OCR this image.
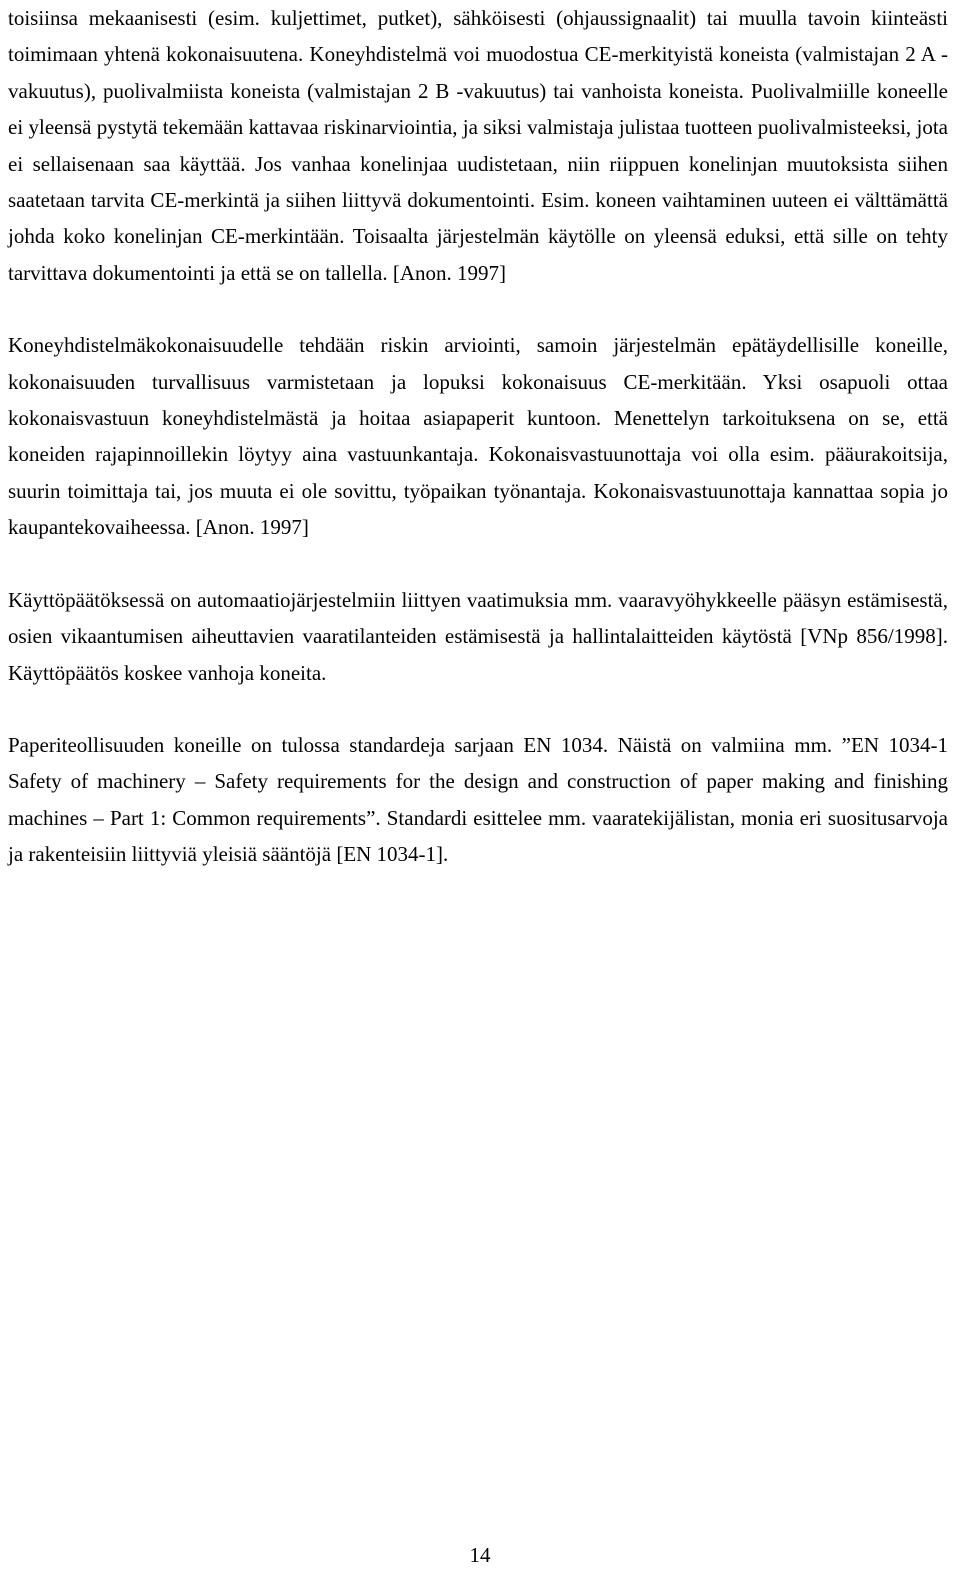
toisiinsa mekaanisesti (esim. kuljettimet, putket), sähköisesti (ohjaussignaalit) tai muulla tavoin kiinteästi toimimaan yhtenä kokonaisuutena. Koneyhdistelmä voi muodostua CE-merkityistä koneista (valmistajan 2 A -vakuutus), puolivalmiista koneista (valmistajan 2 B -vakuutus) tai vanhoista koneista. Puolivalmiille koneelle ei yleensä pystytä tekemään kattavaa riskinarviointia, ja siksi valmistaja julistaa tuotteen puolivalmisteeksi, jota ei sellaisenaan saa käyttää. Jos vanhaa konelinjaa uudistetaan, niin riippuen konelinjan muutoksista siihen saatetaan tarvita CE-merkintä ja siihen liittyvä dokumentointi. Esim. koneen vaihtaminen uuteen ei välttämättä johda koko konelinjan CE-merkintään. Toisaalta järjestelmän käytölle on yleensä eduksi, että sille on tehty tarvittava dokumentointi ja että se on tallella. [Anon. 1997]

Koneyhdistelmäkokonaisuudelle tehdään riskin arviointi, samoin järjestelmän epätäydellisille koneille, kokonaisuuden turvallisuus varmistetaan ja lopuksi kokonaisuus CE-merkitään. Yksi osapuoli ottaa kokonaisvastuun koneyhdistelmästä ja hoitaa asiapaperit kuntoon. Menettelyn tarkoituksena on se, että koneiden rajapinnoillekin löytyy aina vastuunkantaja. Kokonaisvastuunottaja voi olla esim. pääurakoitsija, suurin toimittaja tai, jos muuta ei ole sovittu, työpaikan työnantaja. Kokonaisvastuunottaja kannattaa sopia jo kaupantekovaiheessa. [Anon. 1997]

Käyttöpäätöksessä on automaatiojärjestelmiin liittyen vaatimuksia mm. vaaravyöhykkeelle pääsyn estämisestä, osien vikaantumisen aiheuttavien vaaratilanteiden estämisestä ja hallintalaitteiden käytöstä [VNp 856/1998]. Käyttöpäätös koskee vanhoja koneita.

Paperiteollisuuden koneille on tulossa standardeja sarjaan EN 1034. Näistä on valmiina mm. ”EN 1034-1 Safety of machinery – Safety requirements for the design and construction of paper making and finishing machines – Part 1: Common requirements”. Standardi esittelee mm. vaaratekijälistan, monia eri suositusarvoja ja rakenteisiin liittyviä yleisiä sääntöjä [EN 1034-1].

14
